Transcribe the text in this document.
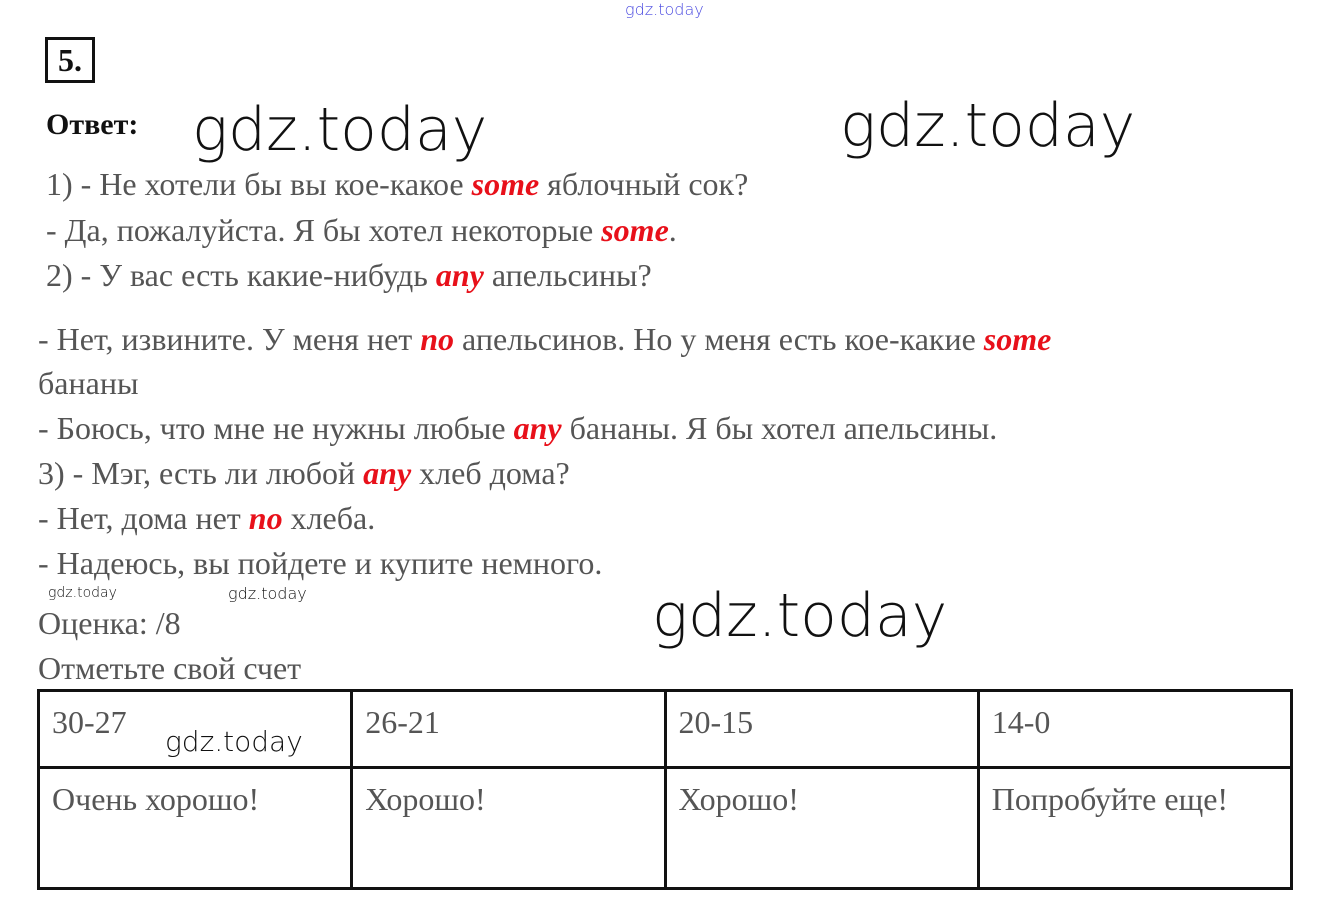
gdz.today
5.
Ответ:
1) - Не хотели бы вы кое-какое some яблочный сок?
- Да, пожалуйста. Я бы хотел некоторые some.
2) - У вас есть какие-нибудь any апельсины?
- Нет, извините. У меня нет no апельсинов. Но у меня есть кое-какие some
бананы
- Боюсь, что мне не нужны любые any бананы. Я бы хотел апельсины.
3) - Мэг, есть ли любой any хлеб дома?
- Нет, дома нет no хлеба.
- Надеюсь, вы пойдете и купите немного.
Оценка: /8
Отметьте свой счет
30-27	26-21	20-15	14-0
Очень хорошо!	Хорошо!	Хорошо!	Попробуйте еще!
gdz.today	gdz.today
gdz.today
gdz.today	gdz.today
gdz.today
